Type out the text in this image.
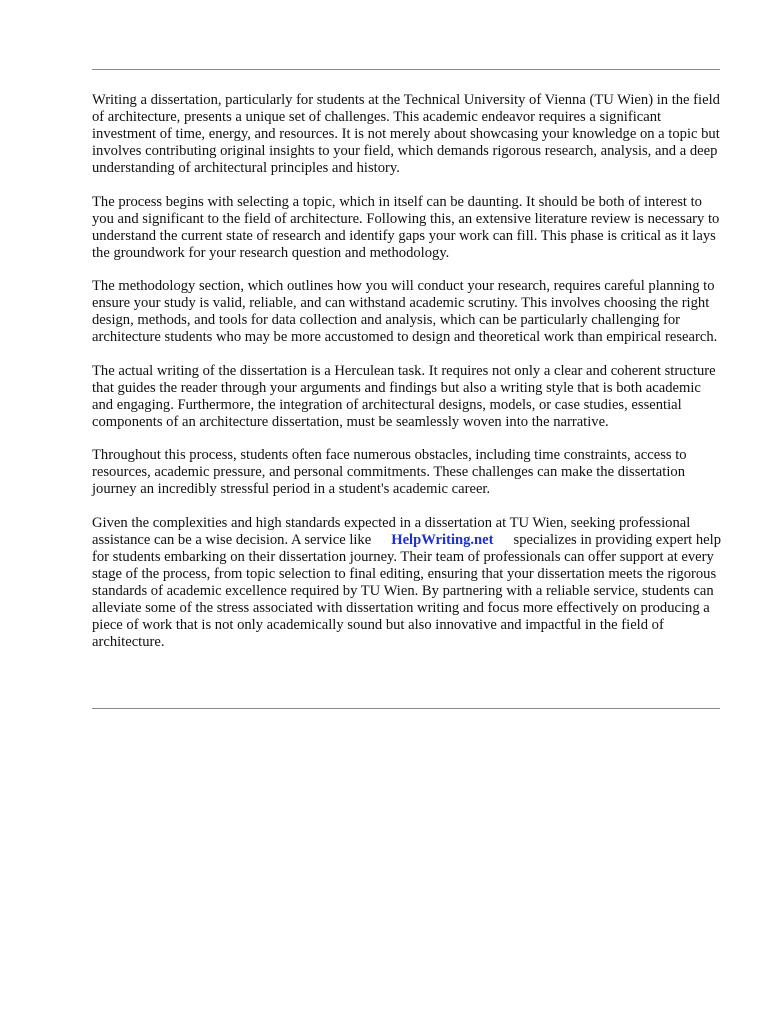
Writing a dissertation, particularly for students at the Technical University of Vienna (TU Wien) in the field of architecture, presents a unique set of challenges. This academic endeavor requires a significant investment of time, energy, and resources. It is not merely about showcasing your knowledge on a topic but involves contributing original insights to your field, which demands rigorous research, analysis, and a deep understanding of architectural principles and history.

The process begins with selecting a topic, which in itself can be daunting. It should be both of interest to you and significant to the field of architecture. Following this, an extensive literature review is necessary to understand the current state of research and identify gaps your work can fill. This phase is critical as it lays the groundwork for your research question and methodology.

The methodology section, which outlines how you will conduct your research, requires careful planning to ensure your study is valid, reliable, and can withstand academic scrutiny. This involves choosing the right design, methods, and tools for data collection and analysis, which can be particularly challenging for architecture students who may be more accustomed to design and theoretical work than empirical research.

The actual writing of the dissertation is a Herculean task. It requires not only a clear and coherent structure that guides the reader through your arguments and findings but also a writing style that is both academic and engaging. Furthermore, the integration of architectural designs, models, or case studies, essential components of an architecture dissertation, must be seamlessly woven into the narrative.

Throughout this process, students often face numerous obstacles, including time constraints, access to resources, academic pressure, and personal commitments. These challenges can make the dissertation journey an incredibly stressful period in a student's academic career.

Given the complexities and high standards expected in a dissertation at TU Wien, seeking professional assistance can be a wise decision. A service like HelpWriting.net specializes in providing expert help for students embarking on their dissertation journey. Their team of professionals can offer support at every stage of the process, from topic selection to final editing, ensuring that your dissertation meets the rigorous standards of academic excellence required by TU Wien. By partnering with a reliable service, students can alleviate some of the stress associated with dissertation writing and focus more effectively on producing a piece of work that is not only academically sound but also innovative and impactful in the field of architecture.
